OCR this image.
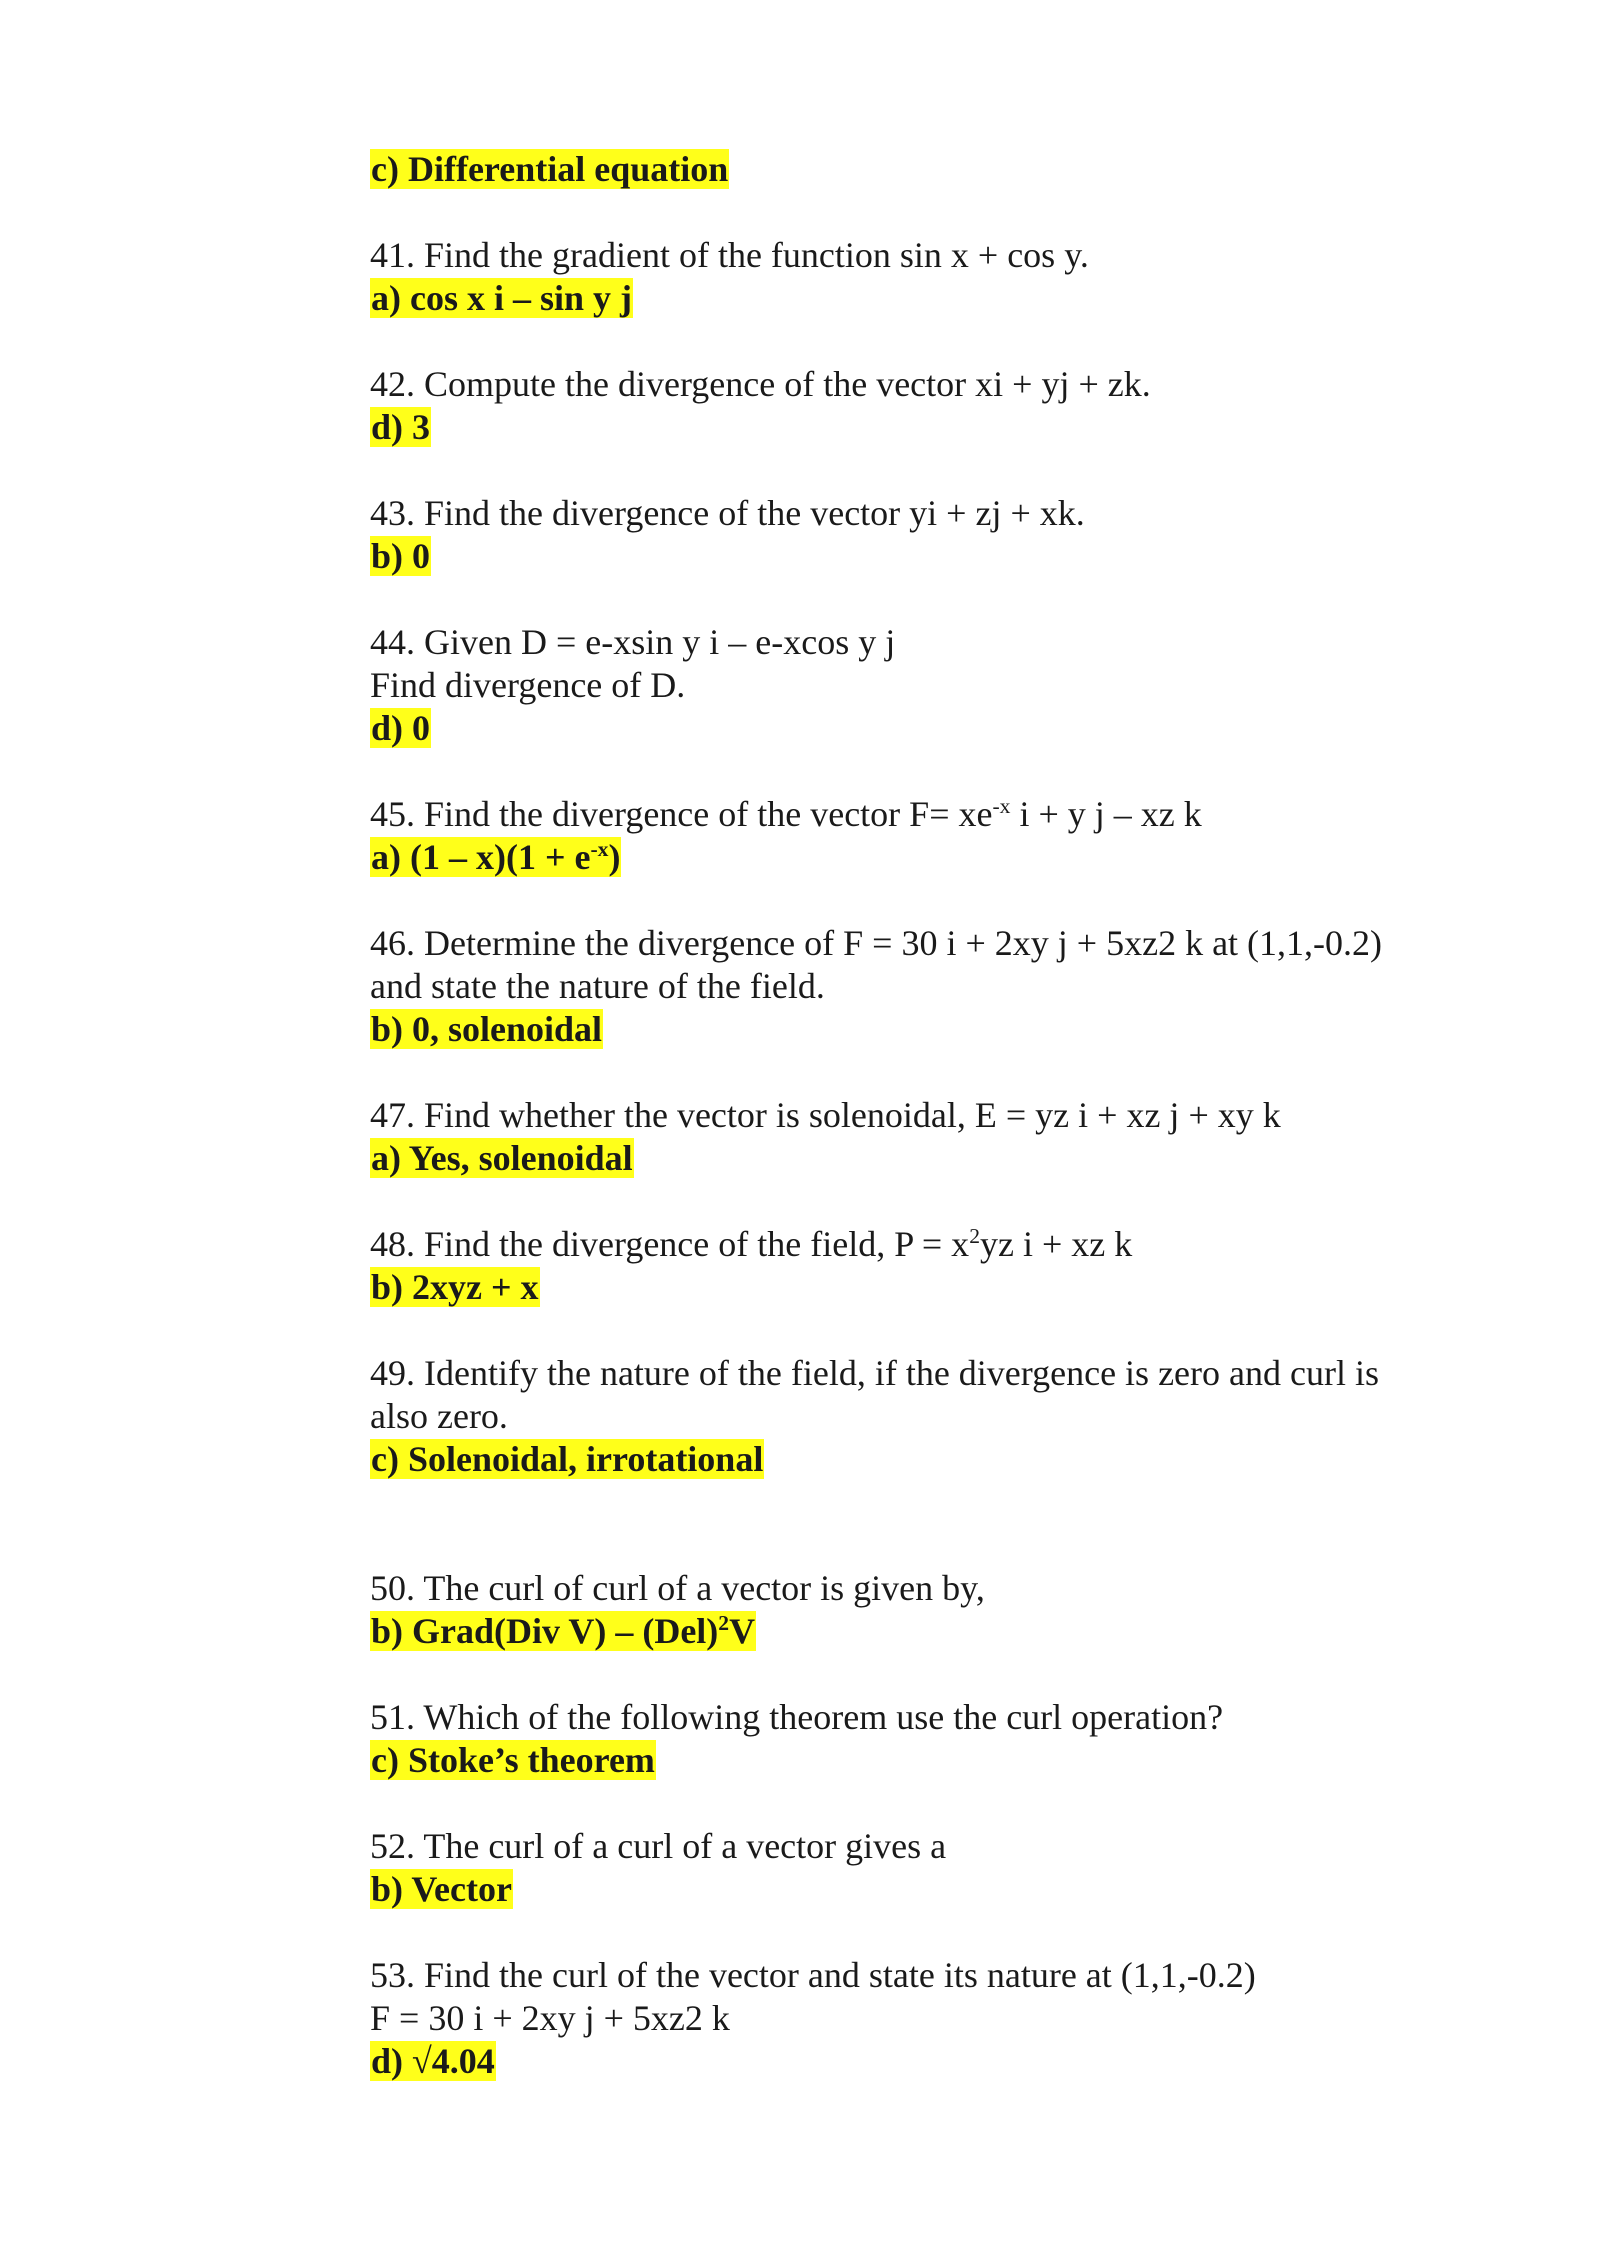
c) Differential equation
41. Find the gradient of the function sin x + cos y.
a) cos x i – sin y j
42. Compute the divergence of the vector xi + yj + zk.
d) 3
43. Find the divergence of the vector yi + zj + xk.
b) 0
44. Given D = e-xsin y i – e-xcos y j
Find divergence of D.
d) 0
45. Find the divergence of the vector $F= xe^{-x}$ i + y j – xz k
a) $(1 - x)(1 + e^{-x})$
46. Determine the divergence of F = 30 i + 2xy j + 5xz2 k at (1,1,-0.2)
and state the nature of the field.
b) 0, solenoidal
47. Find whether the vector is solenoidal, E = yz i + xz j + xy k
a) Yes, solenoidal
48. Find the divergence of the field, $P = x^2yz$ i + xz k
b) 2xyz + x
49. Identify the nature of the field, if the divergence is zero and curl is
also zero.
c) Solenoidal, irrotational
50. The curl of curl of a vector is given by,
b) Grad(Div V) – (Del)$^2$V
51. Which of the following theorem use the curl operation?
c) Stoke’s theorem
52. The curl of a curl of a vector gives a
b) Vector
53. Find the curl of the vector and state its nature at (1,1,-0.2)
F = 30 i + 2xy j + 5xz2 k
d) √4.04
